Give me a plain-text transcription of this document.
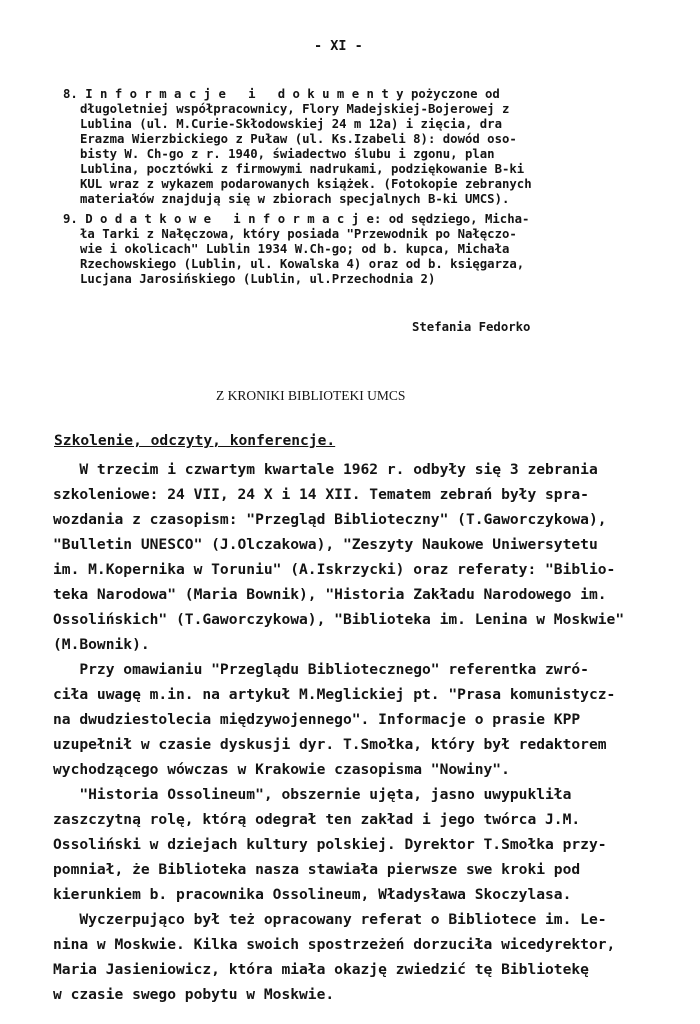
- XI -
8. I n f o r m a c j e   i   d o k u m e n t y pożyczone od
długoletniej współpracownicy, Flory Madejskiej-Bojerowej z
Lublina (ul. M.Curie-Skłodowskiej 24 m 12a) i zięcia, dra
Erazma Wierzbickiego z Puław (ul. Ks.Izabeli 8): dowód oso-
bisty W. Ch-go z r. 1940, świadectwo ślubu i zgonu, plan
Lublina, pocztówki z firmowymi nadrukami, podziękowanie B-ki
KUL wraz z wykazem podarowanych książek. (Fotokopie zebranych
materiałów znajdują się w zbiorach specjalnych B-ki UMCS).
9. D o d a t k o w e   i n f o r m a c j e: od sędziego, Micha-
ła Tarki z Nałęczowa, który posiada "Przewodnik po Nałęczo-
wie i okolicach" Lublin 1934 W.Ch-go; od b. kupca, Michała
Rzechowskiego (Lublin, ul. Kowalska 4) oraz od b. księgarza,
Lucjana Jarosińskiego (Lublin, ul.Przechodnia 2)
Stefania Fedorko
Z KRONIKI BIBLIOTEKI UMCS
Szkolenie, odczyty, konferencje.
W trzecim i czwartym kwartale 1962 r. odbyły się 3 zebrania
szkoleniowe: 24 VII, 24 X i 14 XII. Tematem zebrań były spra-
wozdania z czasopism: "Przegląd Biblioteczny" (T.Gaworczykowa),
"Bulletin UNESCO" (J.Olczakowa), "Zeszyty Naukowe Uniwersytetu
im. M.Kopernika w Toruniu" (A.Iskrzycki) oraz referaty: "Biblio-
teka Narodowa" (Maria Bownik), "Historia Zakładu Narodowego im.
Ossolińskich" (T.Gaworczykowa), "Biblioteka im. Lenina w Moskwie"
(M.Bownik).
Przy omawianiu "Przeglądu Bibliotecznego" referentka zwró-
ciła uwagę m.in. na artykuł M.Meglickiej pt. "Prasa komunistycz-
na dwudziestolecia międzywojennego". Informacje o prasie KPP
uzupełnił w czasie dyskusji dyr. T.Smołka, który był redaktorem
wychodzącego wówczas w Krakowie czasopisma "Nowiny".
"Historia Ossolineum", obszernie ujęta, jasno uwypukliła
zaszczytną rolę, którą odegrał ten zakład i jego twórca J.M.
Ossoliński w dziejach kultury polskiej. Dyrektor T.Smołka przy-
pomniał, że Biblioteka nasza stawiała pierwsze swe kroki pod
kierunkiem b. pracownika Ossolineum, Władysława Skoczylasa.
Wyczerpująco był też opracowany referat o Bibliotece im. Le-
nina w Moskwie. Kilka swoich spostrzeżeń dorzuciła wicedyrektor,
Maria Jasieniowicz, która miała okazję zwiedzić tę Bibliotekę
w czasie swego pobytu w Moskwie.
